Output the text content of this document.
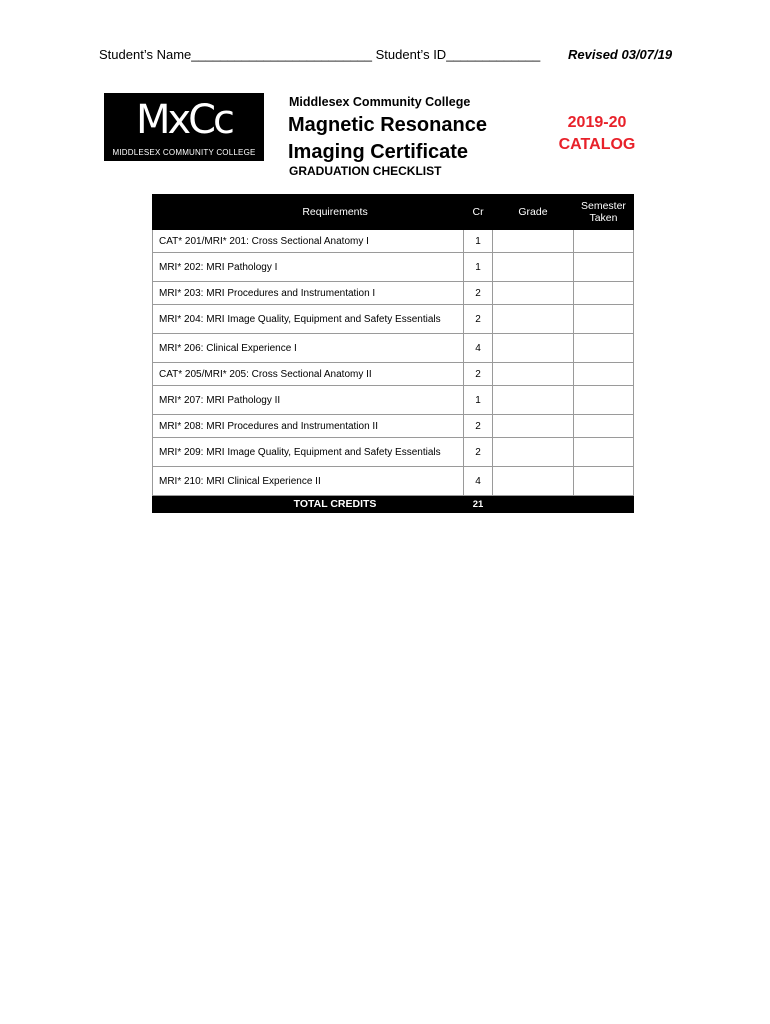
Student’s Name_________________________ Student’s ID_____________ Revised 03/07/19
MxCc
MIDDLESEX COMMUNITY COLLEGE
Middlesex Community College
Magnetic Resonance Imaging Certificate
2019-20
CATALOG
GRADUATION CHECKLIST
Requirements	Cr	Grade	Semester Taken
CAT* 201/MRI* 201: Cross Sectional Anatomy I	1		
MRI* 202: MRI Pathology I	1		
MRI* 203: MRI Procedures and Instrumentation I	2		
MRI* 204: MRI Image Quality, Equipment and Safety Essentials	2		
MRI* 206: Clinical Experience I	4		
CAT* 205/MRI* 205: Cross Sectional Anatomy II	2		
MRI* 207: MRI Pathology II	1		
MRI* 208: MRI Procedures and Instrumentation II	2		
MRI* 209: MRI Image Quality, Equipment and Safety Essentials	2		
MRI* 210: MRI Clinical Experience II	4		
TOTAL CREDITS	21		
